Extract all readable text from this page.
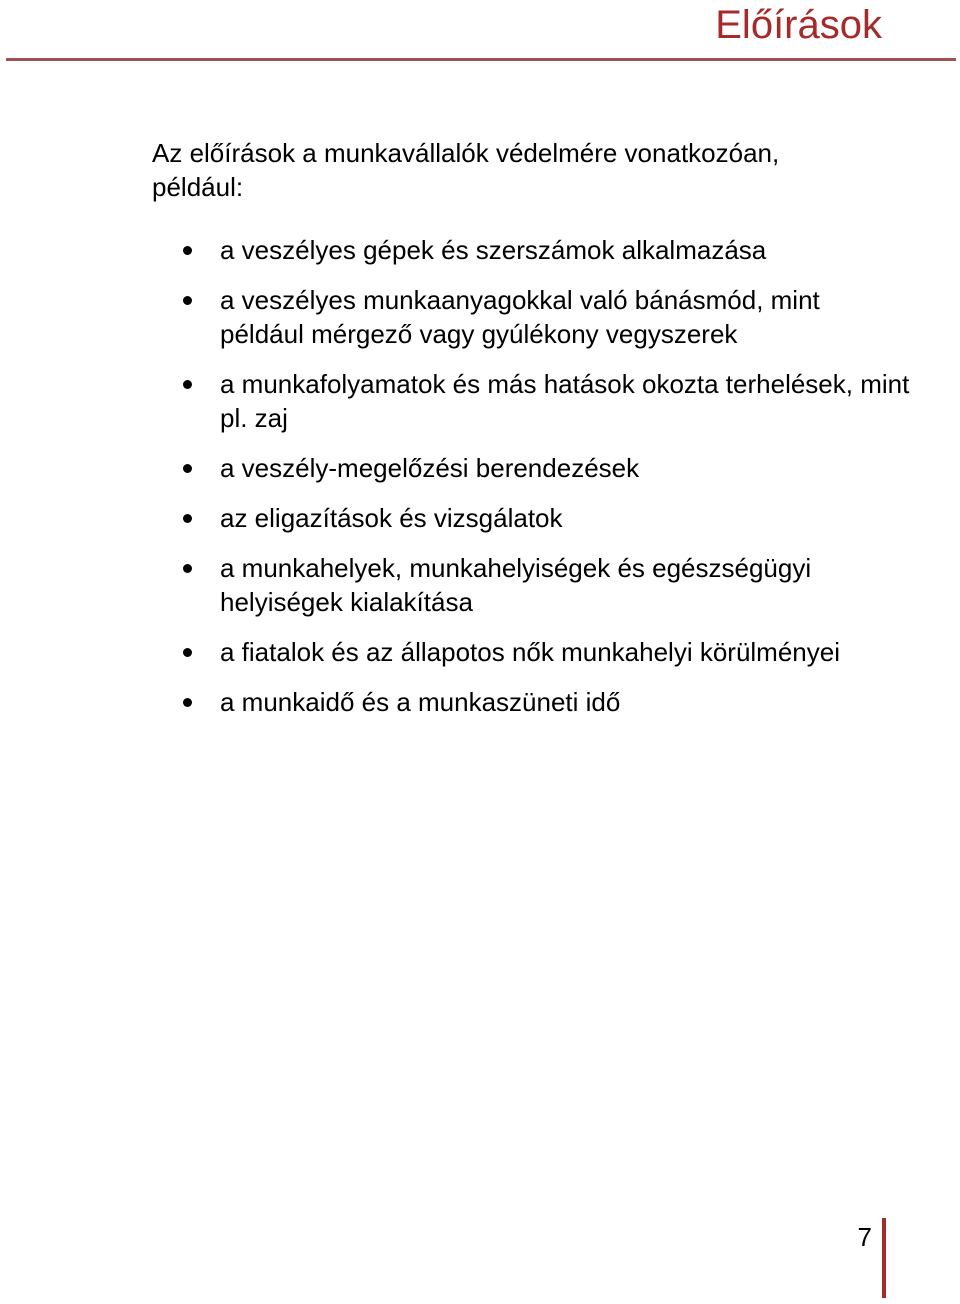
Előírások

Az előírások a munkavállalók védelmére vonatkozóan, például:

a veszélyes gépek és szerszámok alkalmazása
a veszélyes munkaanyagokkal való bánásmód, mint például mérgező vagy gyúlékony vegyszerek
a munkafolyamatok és más hatások okozta terhelések, mint pl. zaj
a veszély-megelőzési berendezések
az eligazítások és vizsgálatok
a munkahelyek, munkahelyiségek és egészségügyi helyiségek kialakítása
a fiatalok és az állapotos nők munkahelyi körülményei
a munkaidő és a munkaszüneti idő
7
